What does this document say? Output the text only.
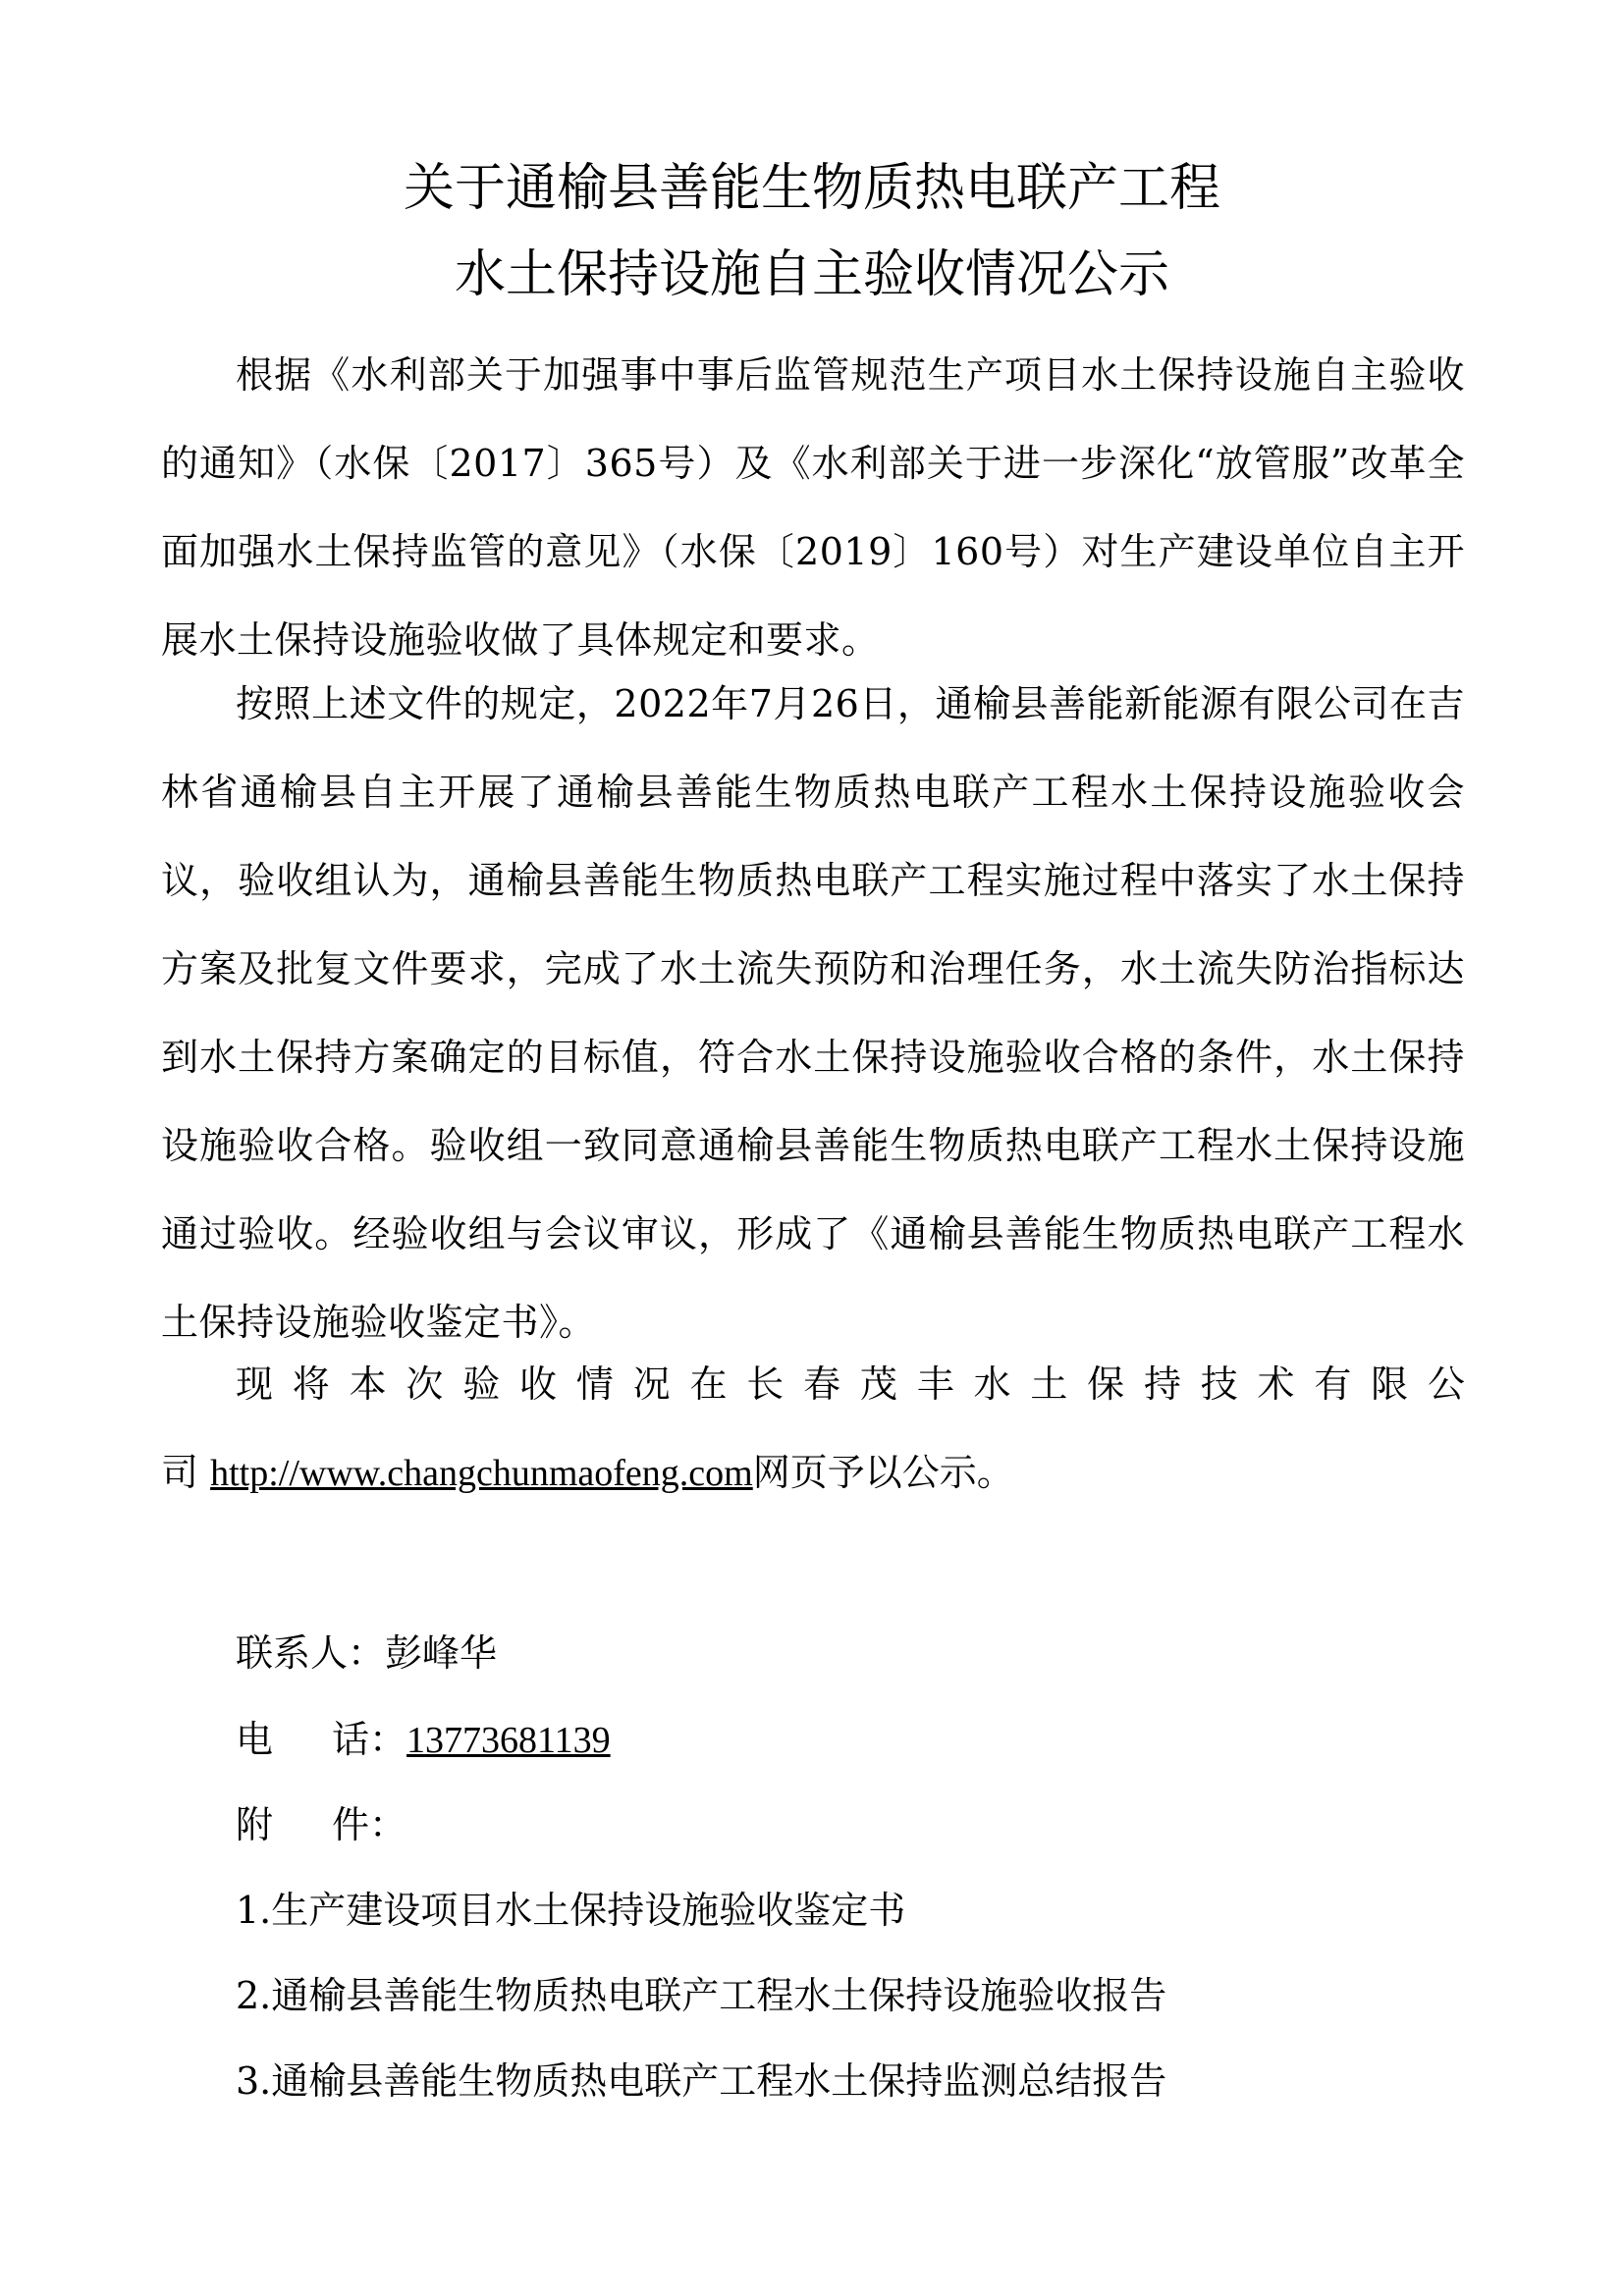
关于通榆县善能生物质热电联产工程
水土保持设施自主验收情况公示

根据《水利部关于加强事中事后监管规范生产项目水土保持设施自主验收的通知》（水保〔2017〕365号）及《水利部关于进一步深化“放管服”改革全面加强水土保持监管的意见》（水保〔2019〕160号）对生产建设单位自主开展水土保持设施验收做了具体规定和要求。

按照上述文件的规定，2022年7月26日，通榆县善能新能源有限公司在吉林省通榆县自主开展了通榆县善能生物质热电联产工程水土保持设施验收会议，验收组认为，通榆县善能生物质热电联产工程实施过程中落实了水土保持方案及批复文件要求，完成了水土流失预防和治理任务，水土流失防治指标达到水土保持方案确定的目标值，符合水土保持设施验收合格的条件，水土保持设施验收合格。验收组一致同意通榆县善能生物质热电联产工程水土保持设施通过验收。经验收组与会议审议，形成了《通榆县善能生物质热电联产工程水土保持设施验收鉴定书》。

现将本次验收情况在长春茂丰水土保持技术有限公
司 http://www.changchunmaofeng.com网页予以公示。
联系人：彭峰华
电 话：13773681139
附 件：
1.生产建设项目水土保持设施验收鉴定书
2.通榆县善能生物质热电联产工程水土保持设施验收报告
3.通榆县善能生物质热电联产工程水土保持监测总结报告
